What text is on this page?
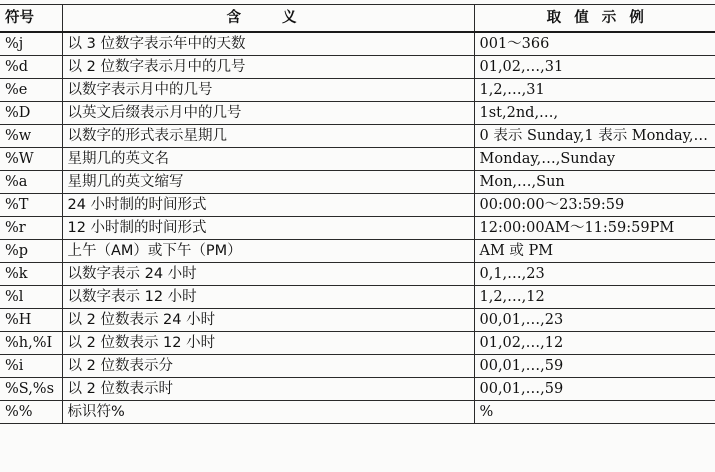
符号	含 义	取 值 示 例
%j	以 3 位数字表示年中的天数	001～366
%d	以 2 位数字表示月中的几号	01,02,…,31
%e	以数字表示月中的几号	1,2,…,31
%D	以英文后缀表示月中的几号	1st,2nd,…,
%w	以数字的形式表示星期几	0 表示 Sunday,1 表示 Monday,…
%W	星期几的英文名	Monday,…,Sunday
%a	星期几的英文缩写	Mon,…,Sun
%T	24 小时制的时间形式	00:00:00～23:59:59
%r	12 小时制的时间形式	12:00:00AM～11:59:59PM
%p	上午（AM）或下午（PM）	AM 或 PM
%k	以数字表示 24 小时	0,1,…,23
%l	以数字表示 12 小时	1,2,…,12
%H	以 2 位数表示 24 小时	00,01,…,23
%h,%I	以 2 位数表示 12 小时	01,02,…,12
%i	以 2 位数表示分	00,01,…,59
%S,%s	以 2 位数表示时	00,01,…,59
%%	标识符%	%
